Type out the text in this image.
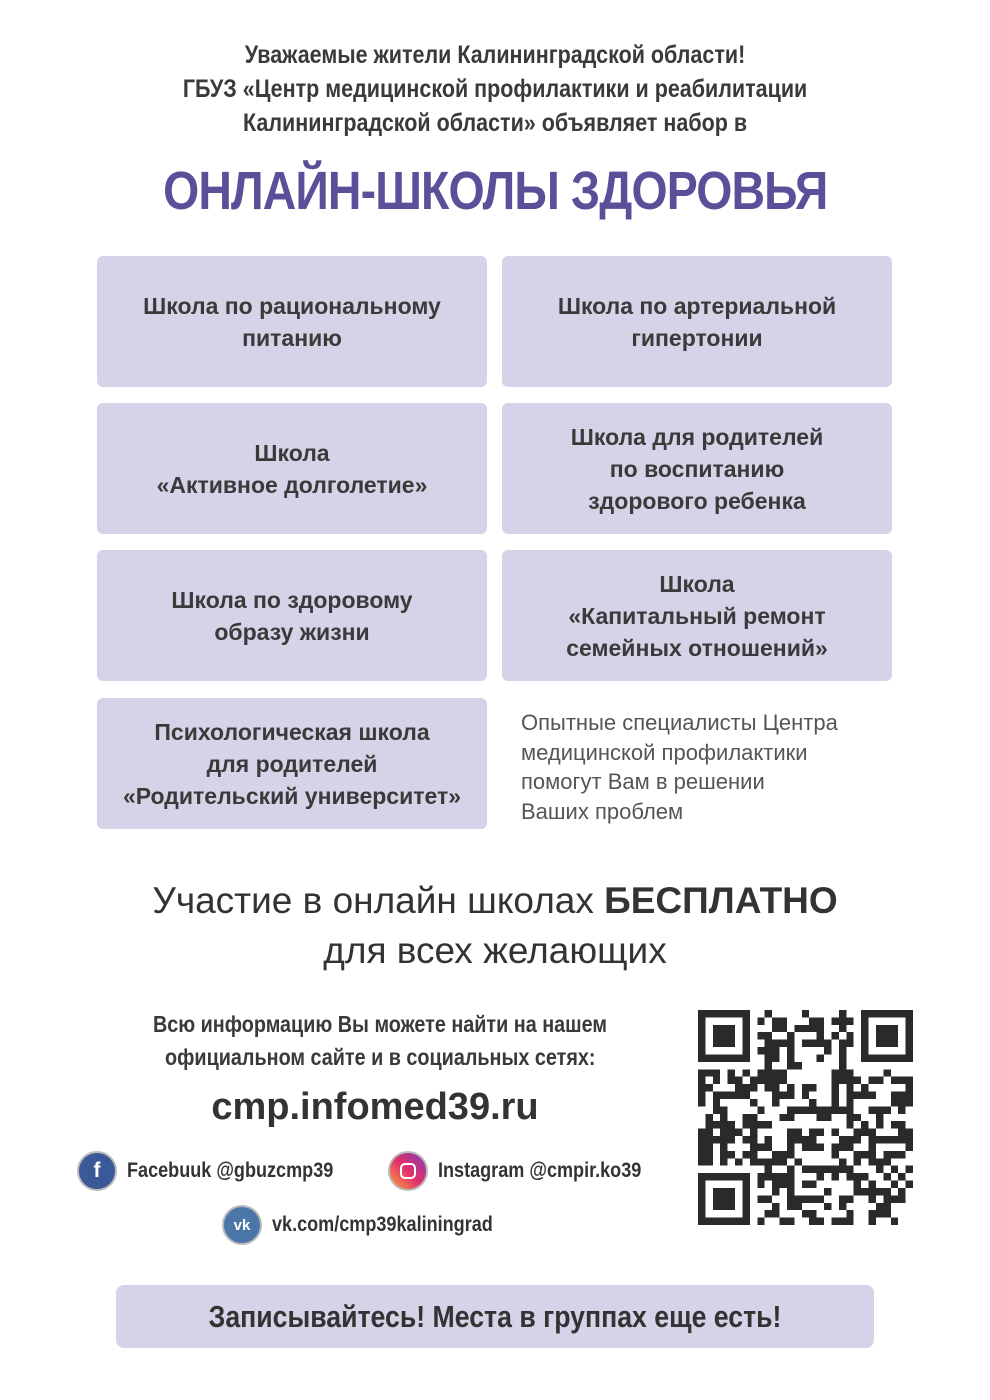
Уважаемые жители Калининградской области!
ГБУЗ «Центр медицинской профилактики и реабилитации
Калининградской области» объявляет набор в
ОНЛАЙН-ШКОЛЫ ЗДОРОВЬЯ
Школа по рациональному
питанию
Школа по артериальной
гипертонии
Школа
«Активное долголетие»
Школа для родителей
по воспитанию
здорового ребенка
Школа по здоровому
образу жизни
Школа
«Капитальный ремонт
семейных отношений»
Психологическая школа
для родителей
«Родительский университет»
Опытные специалисты Центра
медицинской профилактики
помогут Вам в решении
Ваших проблем
Участие в онлайн школах БЕСПЛАТНО
для всех желающих
Всю информацию Вы можете найти на нашем
официальном сайте и в социальных сетях:
cmp.infomed39.ru
f	Facebuuk @gbuzcmp39	Instagram @cmpir.ko39
vk	vk.com/cmp39kaliningrad
Записывайтесь! Места в группах еще есть!
